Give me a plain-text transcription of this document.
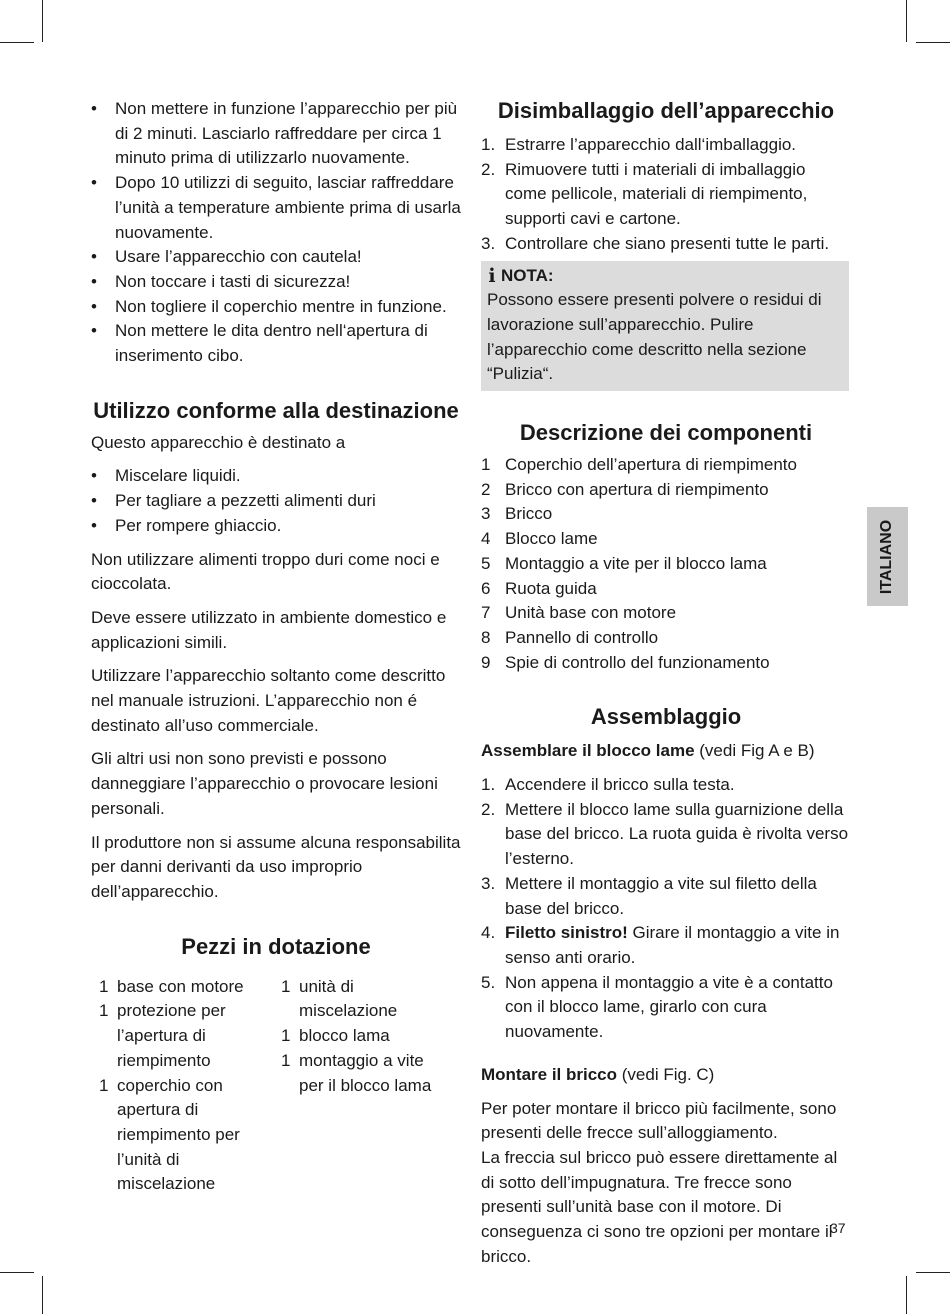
• Non mettere in funzione l’apparecchio per più di 2 minuti. Lasciarlo raffreddare per circa 1 minuto prima di utilizzarlo nuovamente.
• Dopo 10 utilizzi di seguito, lasciar raffreddare l’unità a temperature ambiente prima di usarla nuovamente.
• Usare l’apparecchio con cautela!
• Non toccare i tasti di sicurezza!
• Non togliere il coperchio mentre in funzione.
• Non mettere le dita dentro nell‘apertura di inserimento cibo.
Utilizzo conforme alla destinazione

Questo apparecchio è destinato a

• Miscelare liquidi.
• Per tagliare a pezzetti alimenti duri
• Per rompere ghiaccio.

Non utilizzare alimenti troppo duri come noci e cioccolata.

Deve essere utilizzato in ambiente domestico e applicazioni simili.

Utilizzare l’apparecchio soltanto come descritto nel manuale istruzioni. L’apparecchio non é destinato all’uso commerciale.

Gli altri usi non sono previsti e possono danneggiare l’apparecchio o provocare lesioni personali.

Il produttore non si assume alcuna responsabilita per danni derivanti da uso improprio dell’apparecchio.

Pezzi in dotazione
1 base con motore
1 protezione per l’apertura di riempimento
1 coperchio con apertura di riempimento per l’unità di miscelazione
1 unità di miscelazione
1 blocco lama
1 montaggio a vite per il blocco lama
Disimballaggio dell’apparecchio
1. Estrarre l’apparecchio dall‘imballaggio.
2. Rimuovere tutti i materiali di imballaggio come pellicole, materiali di riempimento, supporti cavi e cartone.
3. Controllare che siano presenti tutte le parti.
i NOTA:

Possono essere presenti polvere o residui di lavorazione sull’apparecchio. Pulire l’apparecchio come descritto nella sezione “Pulizia“.

Descrizione dei componenti
1 Coperchio dell’apertura di riempimento
2 Bricco con apertura di riempimento
3 Bricco
4 Blocco lame
5 Montaggio a vite per il blocco lama
6 Ruota guida
7 Unità base con motore
8 Pannello di controllo
9 Spie di controllo del funzionamento
Assemblaggio

Assemblare il blocco lame (vedi Fig A e B)

1. Accendere il bricco sulla testa.
2. Mettere il blocco lame sulla guarnizione della base del bricco. La ruota guida è rivolta verso l’esterno.
3. Mettere il montaggio a vite sul filetto della base del bricco.
4. Filetto sinistro! Girare il montaggio a vite in senso anti orario.
5. Non appena il montaggio a vite è a contatto con il blocco lame, girarlo con cura nuovamente.

Montare il bricco (vedi Fig. C)

Per poter montare il bricco più facilmente, sono presenti delle frecce sull’alloggiamento.

La freccia sul bricco può essere direttamente al di sotto dell’impugnatura. Tre frecce sono presenti sull’unità base con il motore. Di conseguenza ci sono tre opzioni per montare il bricco.

ITALIANO
37
